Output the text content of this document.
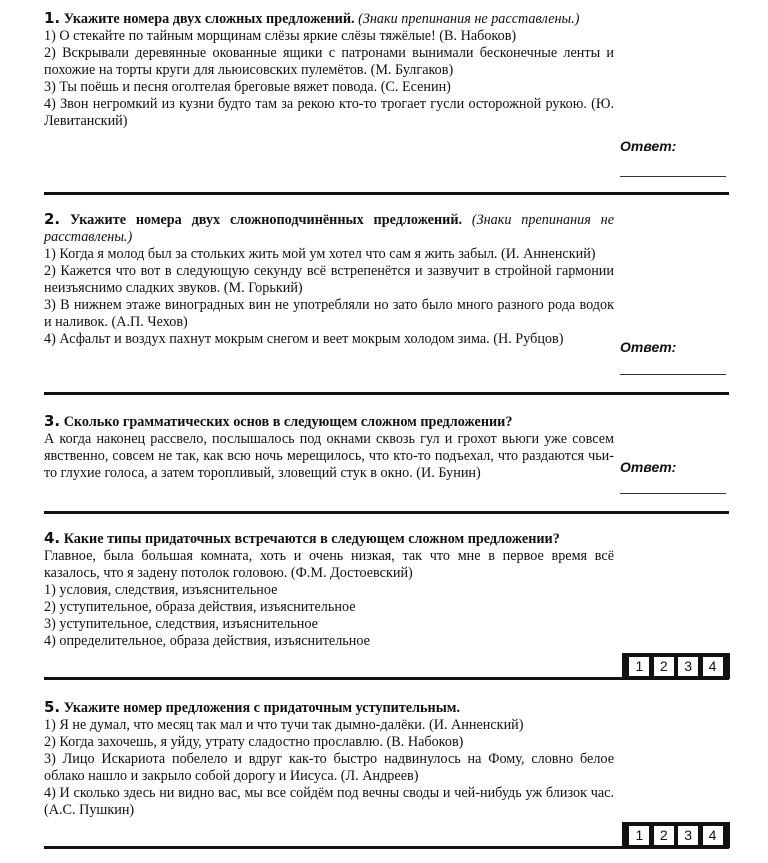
1. Укажите номера двух сложных предложений. (Знаки препинания не расставлены.)

1) О стекайте по тайным морщинам слёзы яркие слёзы тяжёлые! (В. Набоков)

2) Вскрывали деревянные окованные ящики с патронами вынимали бесконечные ленты и похожие на торты круги для льюисовских пулемётов. (М. Булгаков)

3) Ты поёшь и песня оголтелая бреговые вяжет повода. (С. Есенин)

4) Звон негромкий из кузни будто там за рекою кто-то трогает гусли осторожной рукою. (Ю. Левитанский)

Ответ:

2. Укажите номера двух сложноподчинённых предложений. (Знаки препинания не расставлены.)

1) Когда я молод был за стольких жить мой ум хотел что сам я жить забыл. (И. Анненский)

2) Кажется что вот в следующую секунду всё встрепенётся и зазвучит в стройной гармонии неизъяснимо сладких звуков. (М. Горький)

3) В нижнем этаже виноградных вин не употребляли но зато было много разного рода водок и наливок. (А.П. Чехов)

4) Асфальт и воздух пахнут мокрым снегом и веет мокрым холодом зима. (Н. Рубцов)	Ответ:

3. Сколько грамматических основ в следующем сложном предложении?

А когда наконец рассвело, послышалось под окнами сквозь гул и грохот вьюги уже совсем явственно, совсем не так, как всю ночь мерещилось, что кто-то подъехал, что раздаются чьи-то глухие голоса, а затем торопливый, зловещий стук в окно. (И. Бунин)	Ответ:

4. Какие типы придаточных встречаются в следующем сложном предложении?

Главное, была большая комната, хоть и очень низкая, так что мне в первое время всё казалось, что я задену потолок головою. (Ф.М. Достоевский)

1) условия, следствия, изъяснительное

2) уступительное, образа действия, изъяснительное

3) уступительное, следствия, изъяснительное

4) определительное, образа действия, изъяснительное

1	2	3	4

5. Укажите номер предложения с придаточным уступительным.

1) Я не думал, что месяц так мал и что тучи так дымно-далёки. (И. Анненский)

2) Когда захочешь, я уйду, утрату сладостно прославлю. (В. Набоков)

3) Лицо Искариота побелело и вдруг как-то быстро надвинулось на Фому, словно белое облако нашло и закрыло собой дорогу и Иисуса. (Л. Андреев)

4) И сколько здесь ни видно вас, мы все сойдём под вечны своды и чей-нибудь уж близок час. (А.С. Пушкин)

1	2	3	4
